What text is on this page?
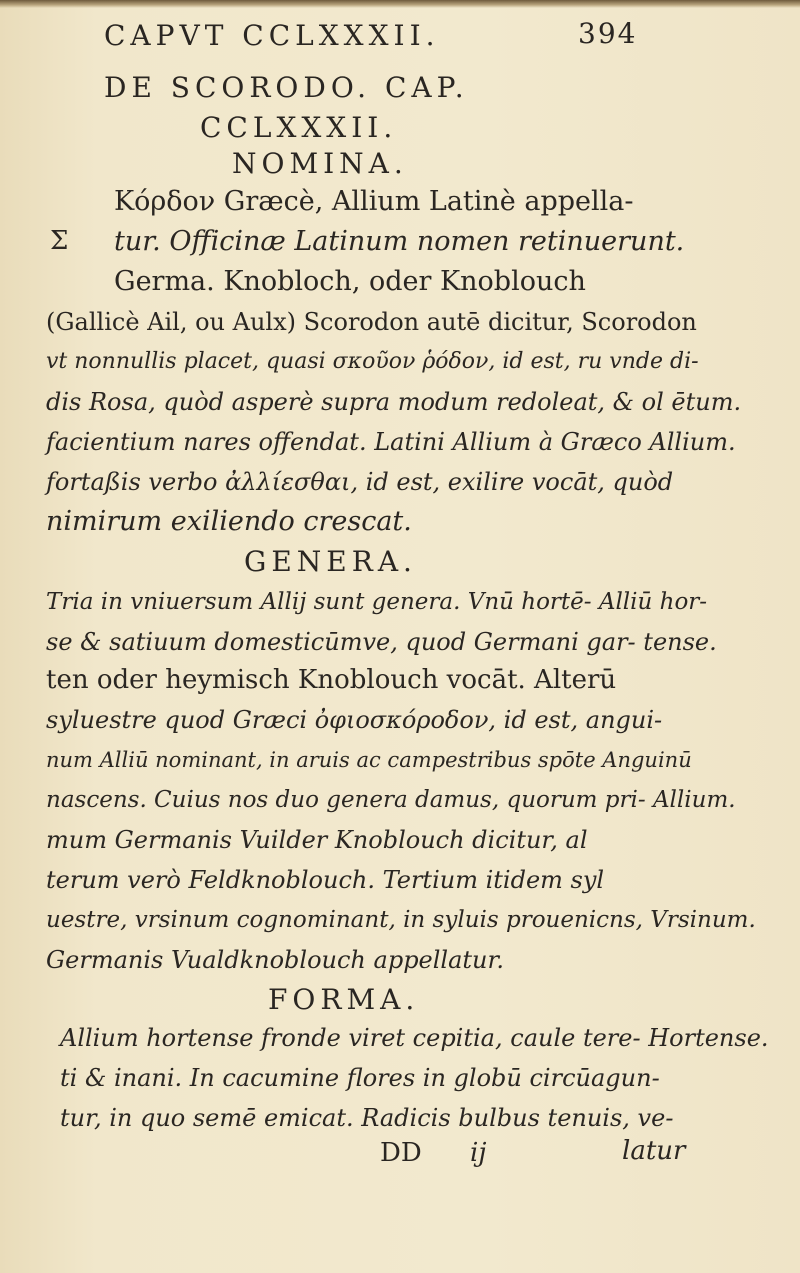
CAPVT CCLXXXII.	394
DE SCORODO. CAP.
CCLXXXII.
NOMINA.
Κόρδον Græcè, Allium Latinè appella-
Σ tur. Officinæ Latinum nomen retinuerunt.
Germa. Knobloch, oder Knoblouch
(Gallicè Ail, ou Aulx) Scorodon autē dicitur, Scorodon
vt nonnullis placet, quasi σκοῦον ῥόδον, id est, ru vnde di-
dis Rosa, quòd asperè supra modum redoleat, & ol ētum.
facientium nares offendat. Latini Allium à Græco Allium.
fortaßis verbo ἀλλίεσθαι, id est, exilire vocāt, quòd
nimirum exiliendo crescat.
GENERA.
Tria in vniuersum Allij sunt genera. Vnū hortē- Alliū hor-
se & satiuum domesticūmve, quod Germani gar- tense.
ten oder heymisch Knoblouch vocāt. Alterū
syluestre quod Græci ὀφιοσκόροδον, id est, angui-
num Alliū nominant, in aruis ac campestribus spōte Anguinū
nascens. Cuius nos duo genera damus, quorum pri- Allium.
mum Germanis Vuilder Knoblouch dicitur, al
terum verò Feldknoblouch. Tertium itidem syl
uestre, vrsinum cognominant, in syluis prouenicns, Vrsinum.
Germanis Vualdknoblouch appellatur.
FORMA.
Allium hortense fronde viret cepitia, caule tere- Hortense.
ti & inani. In cacumine flores in globū circūagun-
tur, in quo semē emicat. Radicis bulbus tenuis, ve-
DD ij	latur
